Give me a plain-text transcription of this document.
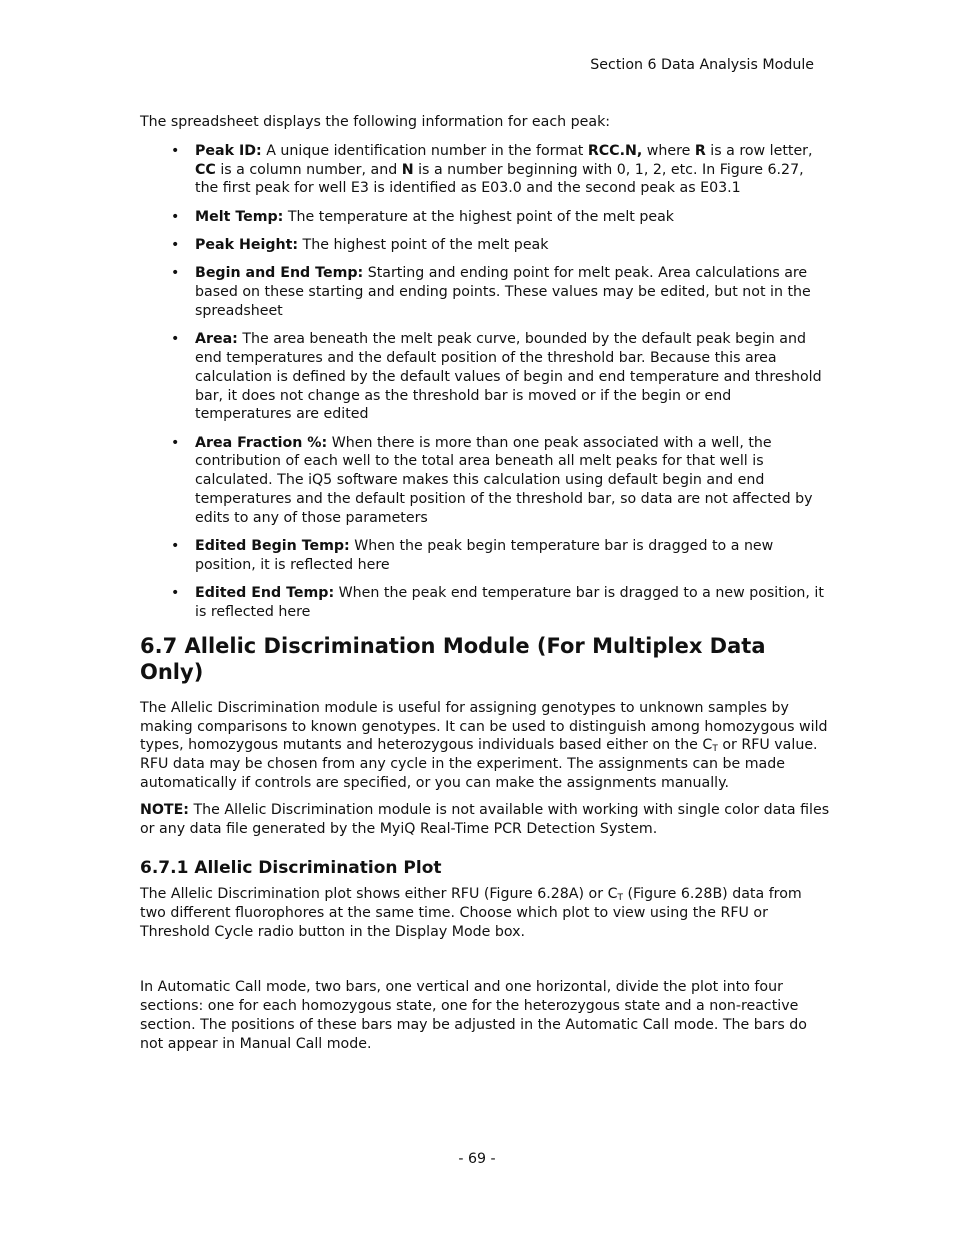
Section 6 Data Analysis Module

The spreadsheet displays the following information for each peak:

• Peak ID: A unique identification number in the format RCC.N, where R is a row letter, CC is a column number, and N is a number beginning with 0, 1, 2, etc. In Figure 6.27, the first peak for well E3 is identified as E03.0 and the second peak as E03.1
• Melt Temp: The temperature at the highest point of the melt peak
• Peak Height: The highest point of the melt peak
• Begin and End Temp: Starting and ending point for melt peak. Area calculations are based on these starting and ending points. These values may be edited, but not in the spreadsheet
• Area: The area beneath the melt peak curve, bounded by the default peak begin and end temperatures and the default position of the threshold bar. Because this area calculation is defined by the default values of begin and end temperature and threshold bar, it does not change as the threshold bar is moved or if the begin or end temperatures are edited
• Area Fraction %: When there is more than one peak associated with a well, the contribution of each well to the total area beneath all melt peaks for that well is calculated. The iQ5 software makes this calculation using default begin and end temperatures and the default position of the threshold bar, so data are not affected by edits to any of those parameters
• Edited Begin Temp: When the peak begin temperature bar is dragged to a new position, it is reflected here
• Edited End Temp: When the peak end temperature bar is dragged to a new position, it is reflected here
6.7 Allelic Discrimination Module (For Multiplex Data Only)

The Allelic Discrimination module is useful for assigning genotypes to unknown samples by making comparisons to known genotypes. It can be used to distinguish among homozygous wild types, homozygous mutants and heterozygous individuals based either on the $C_T$ or RFU value. RFU data may be chosen from any cycle in the experiment. The assignments can be made automatically if controls are specified, or you can make the assignments manually.

NOTE: The Allelic Discrimination module is not available with working with single color data files or any data file generated by the MyiQ Real-Time PCR Detection System.

6.7.1 Allelic Discrimination Plot

The Allelic Discrimination plot shows either RFU (Figure 6.28A) or $C_T$ (Figure 6.28B) data from two different fluorophores at the same time. Choose which plot to view using the RFU or Threshold Cycle radio button in the Display Mode box.

In Automatic Call mode, two bars, one vertical and one horizontal, divide the plot into four sections: one for each homozygous state, one for the heterozygous state and a non-reactive section. The positions of these bars may be adjusted in the Automatic Call mode. The bars do not appear in Manual Call mode.

- 69 -
